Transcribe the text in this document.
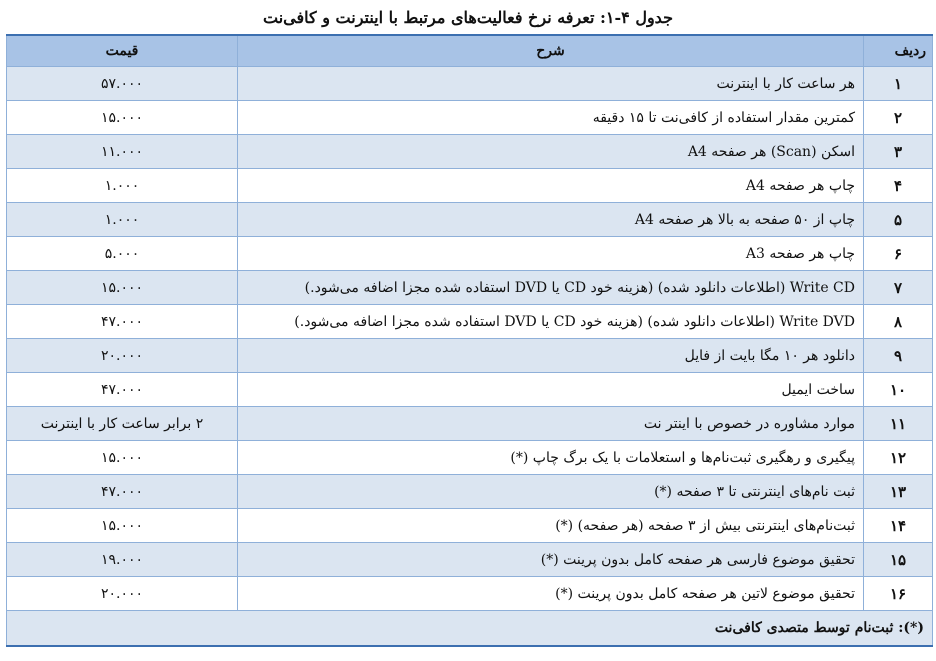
جدول ۴-۱: تعرفه نرخ فعالیت‌های مرتبط با اینترنت و کافی‌نت
ردیف	شرح	قیمت
۱	هر ساعت کار با اینترنت	۵۷.۰۰۰
۲	کمترین مقدار استفاده از کافی‌نت تا ۱۵ دقیقه	۱۵.۰۰۰
۳	اسکن (Scan) هر صفحه A4	۱۱.۰۰۰
۴	چاپ هر صفحه A4	۱.۰۰۰
۵	چاپ از ۵۰ صفحه به بالا هر صفحه A4	۱.۰۰۰
۶	چاپ هر صفحه A3	۵.۰۰۰
۷	Write CD (اطلاعات دانلود شده) (هزینه خود CD یا DVD استفاده شده مجزا اضافه می‌شود.)	۱۵.۰۰۰
۸	Write DVD (اطلاعات دانلود شده) (هزینه خود CD یا DVD استفاده شده مجزا اضافه می‌شود.)	۴۷.۰۰۰
۹	دانلود هر ۱۰ مگا بایت از فایل	۲۰.۰۰۰
۱۰	ساخت ایمیل	۴۷.۰۰۰
۱۱	موارد مشاوره در خصوص با اینتر نت	۲ برابر ساعت کار با اینترنت
۱۲	پیگیری و رهگیری ثبت‌نام‌ها و استعلامات با یک برگ چاپ (*)	۱۵.۰۰۰
۱۳	ثبت نام‌های اینترنتی تا ۳ صفحه (*)	۴۷.۰۰۰
۱۴	ثبت‌نام‌های اینترنتی بیش از ۳ صفحه (هر صفحه) (*)	۱۵.۰۰۰
۱۵	تحقیق موضوع فارسی هر صفحه کامل بدون پرینت (*)	۱۹.۰۰۰
۱۶	تحقیق موضوع لاتین هر صفحه کامل بدون پرینت (*)	۲۰.۰۰۰
(*): ثبت‌نام توسط متصدی کافی‌نت		
